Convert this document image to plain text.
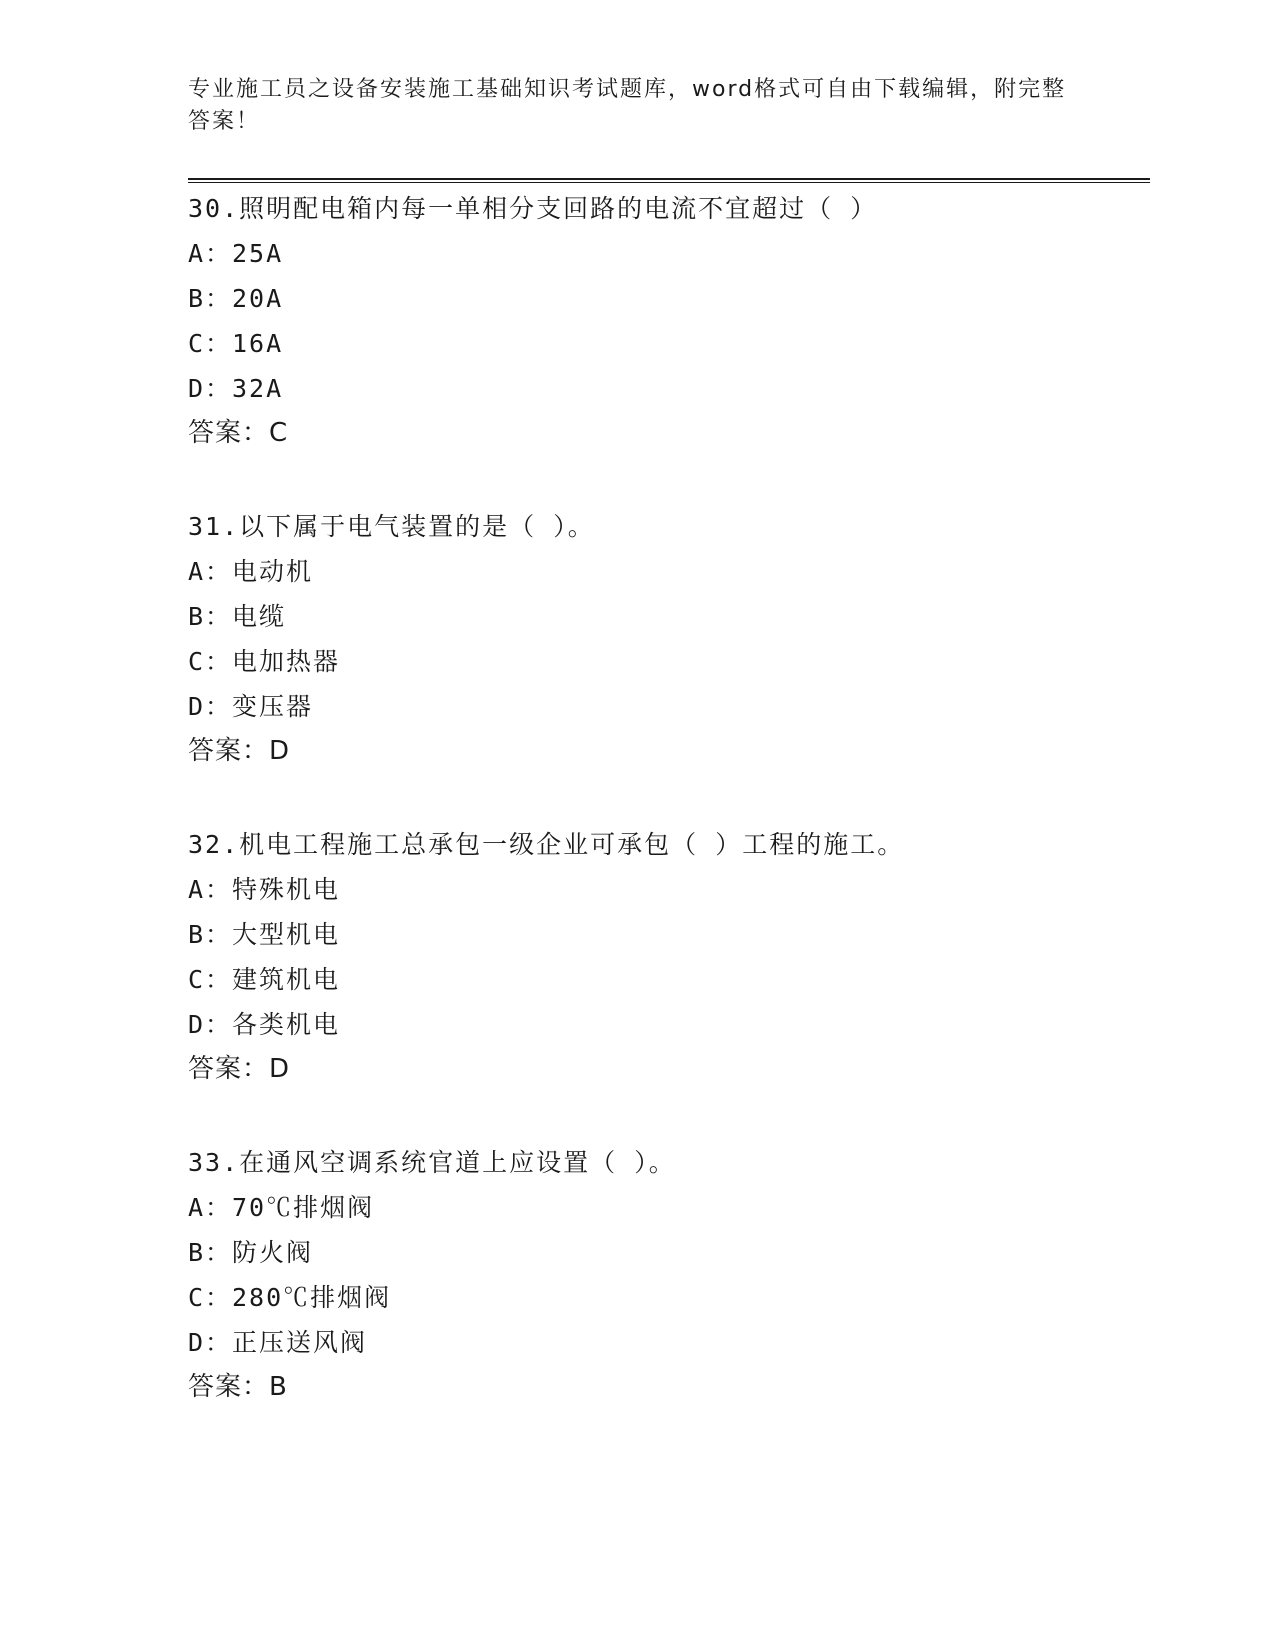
专业施工员之设备安装施工基础知识考试题库，word格式可自由下载编辑，附完整答案！
30.照明配电箱内每一单相分支回路的电流不宜超过（ ）
A：25A
B：20A
C：16A
D：32A
答案：C
31.以下属于电气装置的是（ ）。
A：电动机
B：电缆
C：电加热器
D：变压器
答案：D
32.机电工程施工总承包一级企业可承包（ ）工程的施工。
A：特殊机电
B：大型机电
C：建筑机电
D：各类机电
答案：D
33.在通风空调系统官道上应设置（ ）。
A：70℃排烟阀
B：防火阀
C：280℃排烟阀
D：正压送风阀
答案：B
